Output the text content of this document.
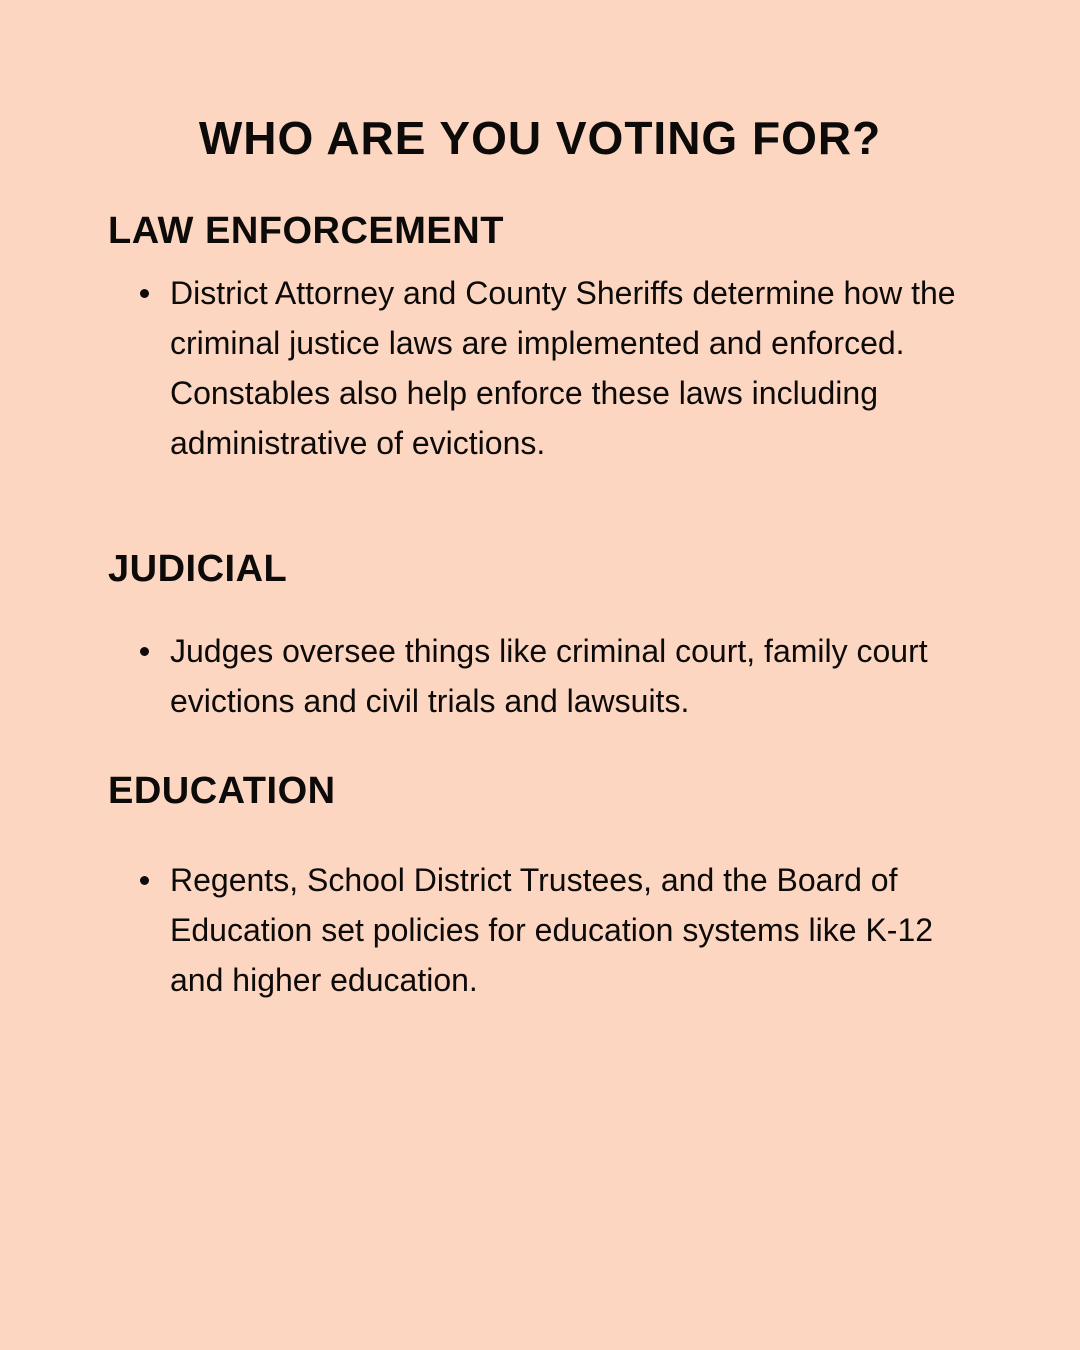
WHO ARE YOU VOTING FOR?
LAW ENFORCEMENT
District Attorney and County Sheriffs determine how the criminal justice laws are implemented and enforced. Constables also help enforce these laws including administrative of evictions.
JUDICIAL
Judges oversee things like criminal court, family court evictions and civil trials and lawsuits.
EDUCATION
Regents, School District Trustees, and the Board of Education set policies for education systems like K-12 and higher education.
